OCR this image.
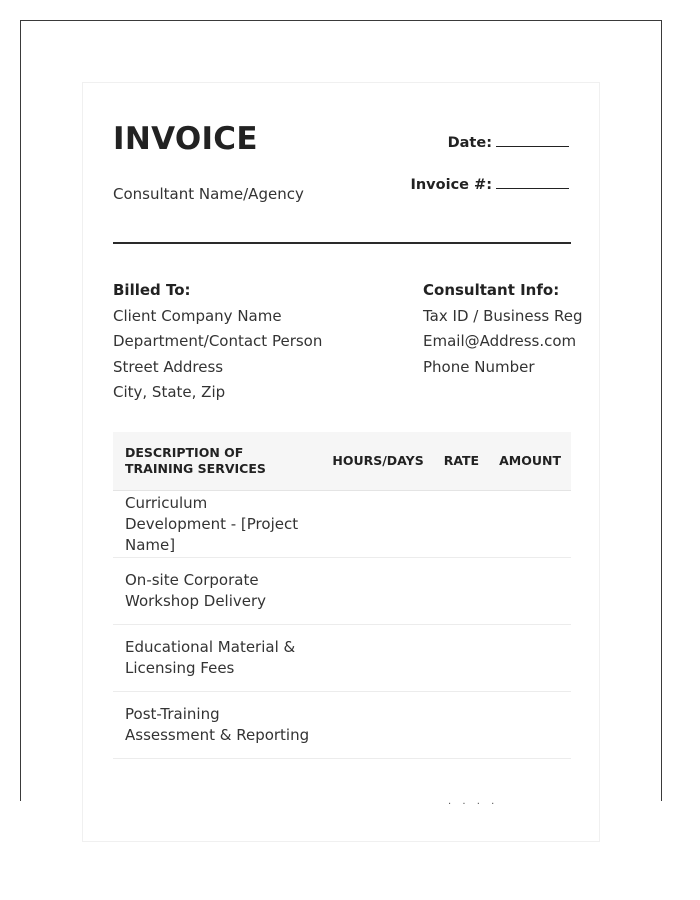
INVOICE
Consultant Name/Agency
Date:
Invoice #:
Billed To:
Client Company Name
Department/Contact Person
Street Address
City, State, Zip
Consultant Info:
Tax ID / Business Reg
Email@Address.com
Phone Number
DESCRIPTION OF TRAINING SERVICES	HOURS/DAYS	RATE	AMOUNT
Curriculum Development - [Project Name]			
On-site Corporate Workshop Delivery			
Educational Material & Licensing Fees			
Post-Training Assessment & Reporting			
· · · ·
